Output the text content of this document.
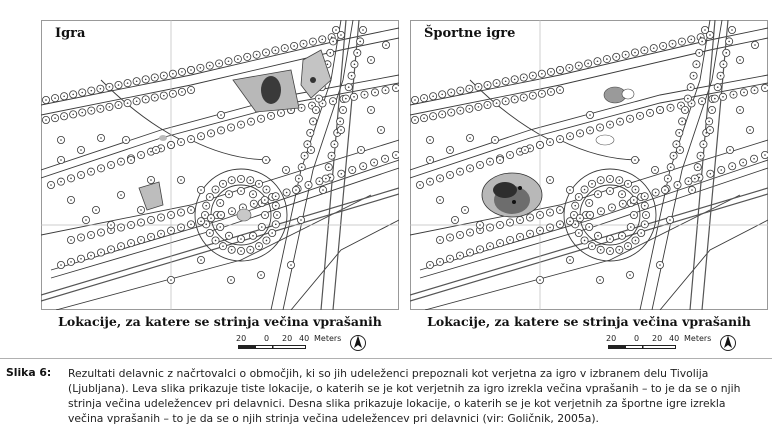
Igra	Športne igre
Lokacije, za katere se strinja večina vprašanih	Lokacije, za katere se strinja večina vprašanih
20 0 20 40 Meters	20 0 20 40 Meters
Slika 6: Rezultati delavnic z načrtovalci o območjih, ki so jih udeleženci prepoznali kot verjetna za igro v izbranem delu Tivolija (Ljubljana). Leva slika prikazuje tiste lokacije, o katerih se je kot verjetnih za igro izrekla večina vprašanih – to je da se o njih strinja večina udeležencev pri delavnici. Desna slika prikazuje lokacije, o katerih se je kot verjetnih za športne igre izrekla večina vprašanih – to je da se o njih strinja večina udeležencev pri delavnici (vir: Goličnik, 2005a).
